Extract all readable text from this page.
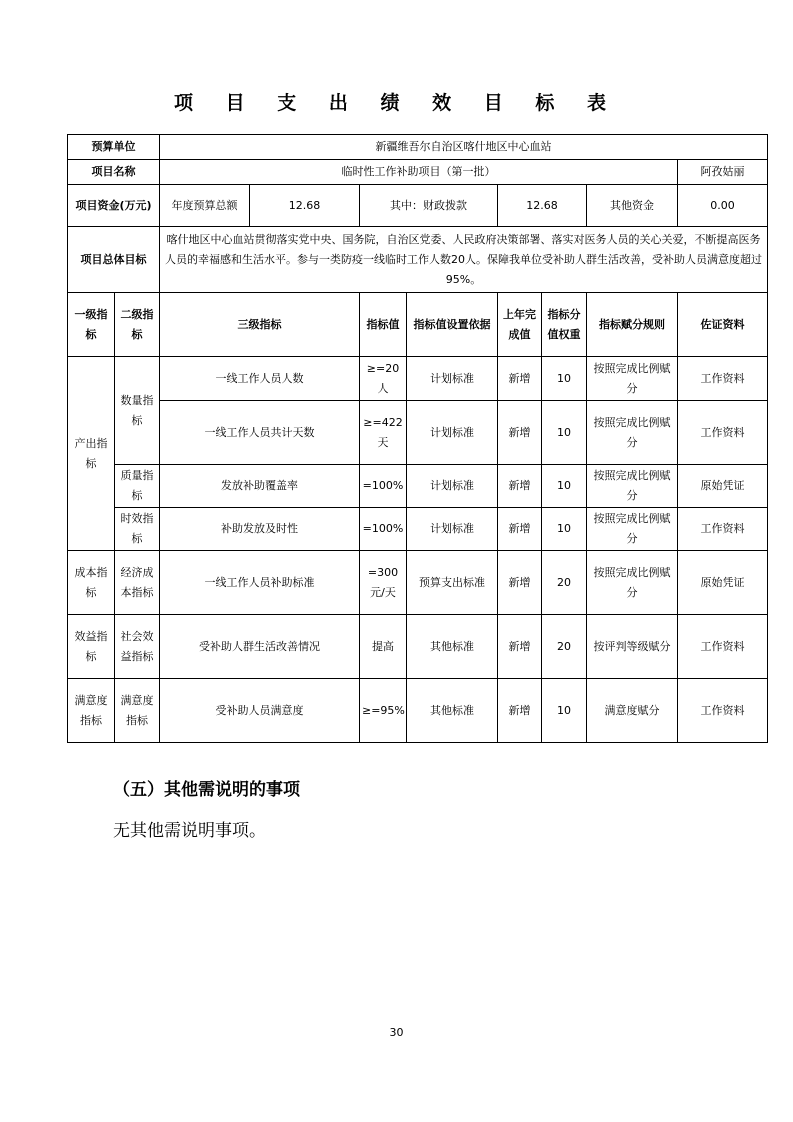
项 目 支 出 绩 效 目 标 表
预算单位		新疆维吾尔自治区喀什地区中心血站							
项目名称		临时性工作补助项目（第一批）							阿孜姑丽
项目资金(万元)		年度预算总额	12.68	其中：财政拨款		12.68		其他资金	0.00
项目总体目标		喀什地区中心血站贯彻落实党中央、国务院，自治区党委、人民政府决策部署、落实对医务人员的关心关爱，不断提高医务人员的幸福感和生活水平。参与一类防疫一线临时工作人数20人。保障我单位受补助人群生活改善，受补助人员满意度超过95%。							
一级指标	二级指标	三级指标		指标值	指标值设置依据	上年完成值	指标分值权重	指标赋分规则	佐证资料
产出指标	数量指标	一线工作人员人数		≥=20人	计划标准	新增	10	按照完成比例赋分	工作资料
		一线工作人员共计天数		≥=422天	计划标准	新增	10	按照完成比例赋分	工作资料
	质量指标	发放补助覆盖率		=100%	计划标准	新增	10	按照完成比例赋分	原始凭证
	时效指标	补助发放及时性		=100%	计划标准	新增	10	按照完成比例赋分	工作资料
成本指标	经济成本指标	一线工作人员补助标准		=300元/天	预算支出标准	新增	20	按照完成比例赋分	原始凭证
效益指标	社会效益指标	受补助人群生活改善情况		提高	其他标准	新增	20	按评判等级赋分	工作资料
满意度指标	满意度指标	受补助人员满意度		≥=95%	其他标准	新增	10	满意度赋分	工作资料
（五）其他需说明的事项
无其他需说明事项。
30
